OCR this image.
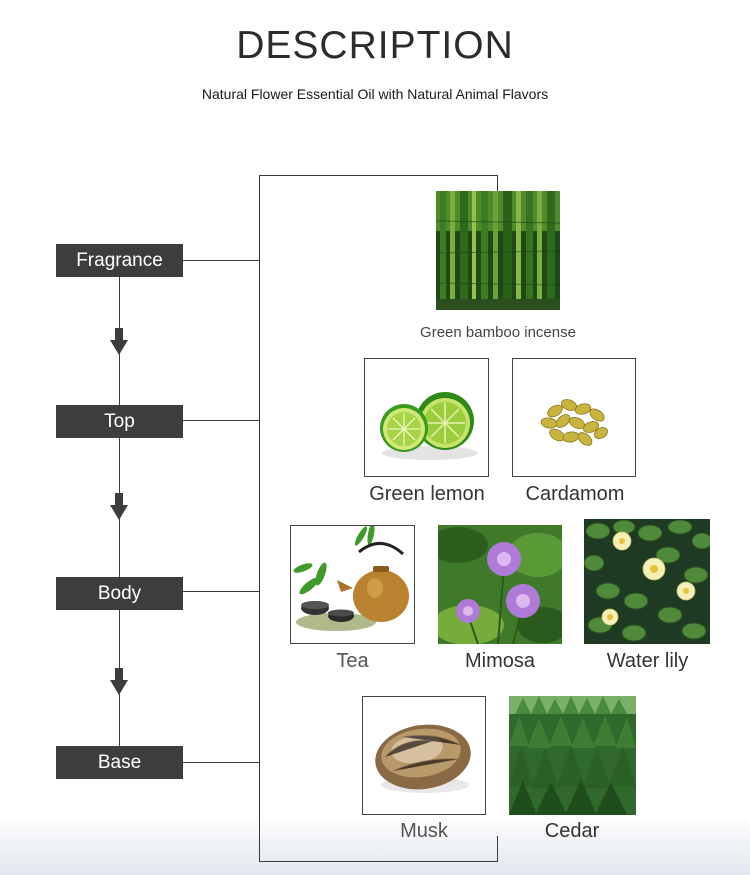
DESCRIPTION
Natural Flower Essential Oil with Natural Animal Flavors
Fragrance
Top
Body
Base
Green bamboo incense
Green lemon	Cardamom
Tea	Mimosa	Water lily
Musk	Cedar
